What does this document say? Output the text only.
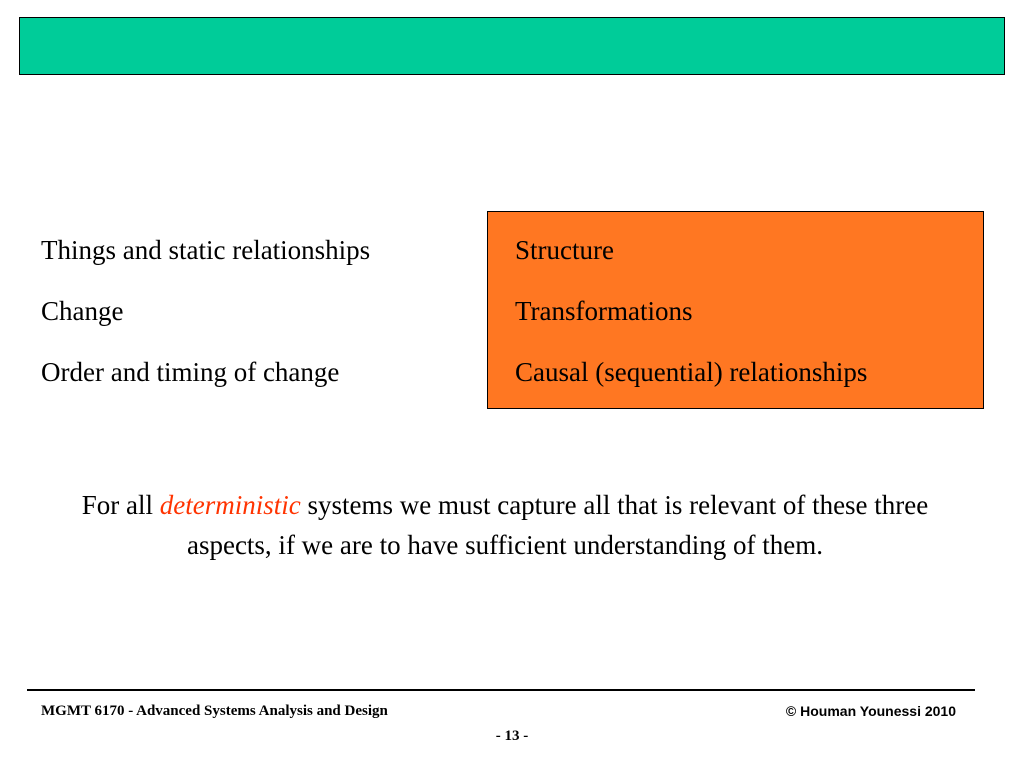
Things and static relationships
Change
Order and timing of change
Structure
Transformations
Causal (sequential) relationships
For all deterministic systems we must capture all that is relevant of these three aspects, if we are to have sufficient understanding of them.
MGMT 6170 - Advanced Systems Analysis and Design	© Houman Younessi 2010
- 13 -
